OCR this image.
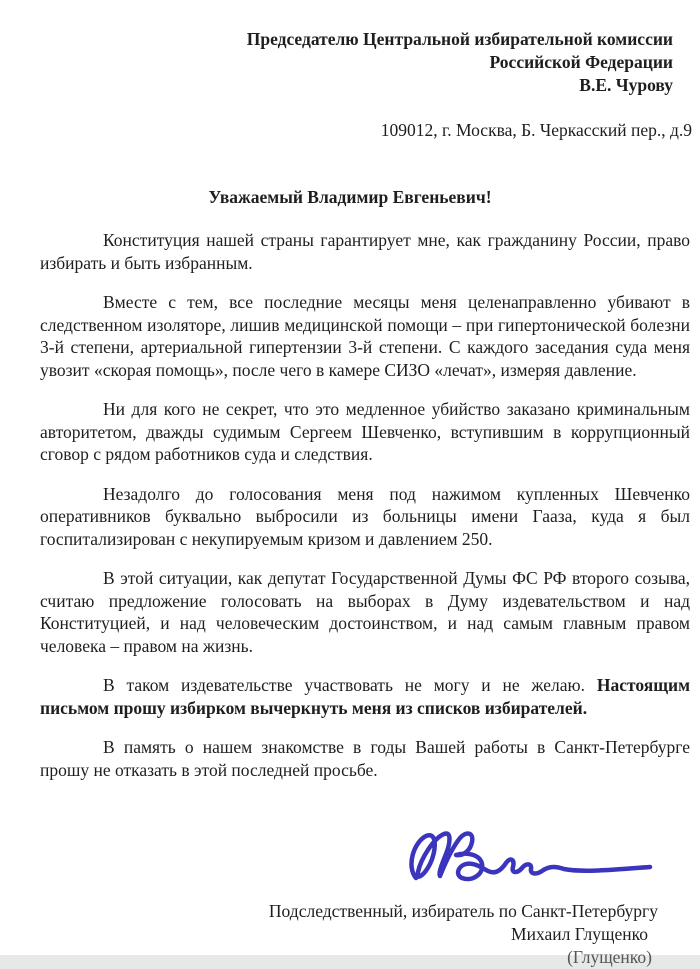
Председателю Центральной избирательной комиссии
Российской Федерации
В.Е. Чурову
109012, г. Москва, Б. Черкасский пер., д.9
Уважаемый Владимир Евгеньевич!

Конституция нашей страны гарантирует мне, как гражданину России, право избирать и быть избранным.

Вместе с тем, все последние месяцы меня целенаправленно убивают в следственном изоляторе, лишив медицинской помощи – при гипертонической болезни 3-й степени, артериальной гипертензии 3-й степени. С каждого заседания суда меня увозит «скорая помощь», после чего в камере СИЗО «лечат», измеряя давление.

Ни для кого не секрет, что это медленное убийство заказано криминальным авторитетом, дважды судимым Сергеем Шевченко, вступившим в коррупционный сговор с рядом работников суда и следствия.

Незадолго до голосования меня под нажимом купленных Шевченко оперативников буквально выбросили из больницы имени Гааза, куда я был госпитализирован с некупируемым кризом и давлением 250.

В этой ситуации, как депутат Государственной Думы ФС РФ второго созыва, считаю предложение голосовать на выборах в Думу издевательством и над Конституцией, и над человеческим достоинством, и над самым главным правом человека – правом на жизнь.

В таком издевательстве участвовать не могу и не желаю. Настоящим письмом прошу избирком вычеркнуть меня из списков избирателей.

В память о нашем знакомстве в годы Вашей работы в Санкт-Петербурге прошу не отказать в этой последней просьбе.

Подследственный, избиратель по Санкт-Петербургу
Михаил Глущенко
(Глущенко)
